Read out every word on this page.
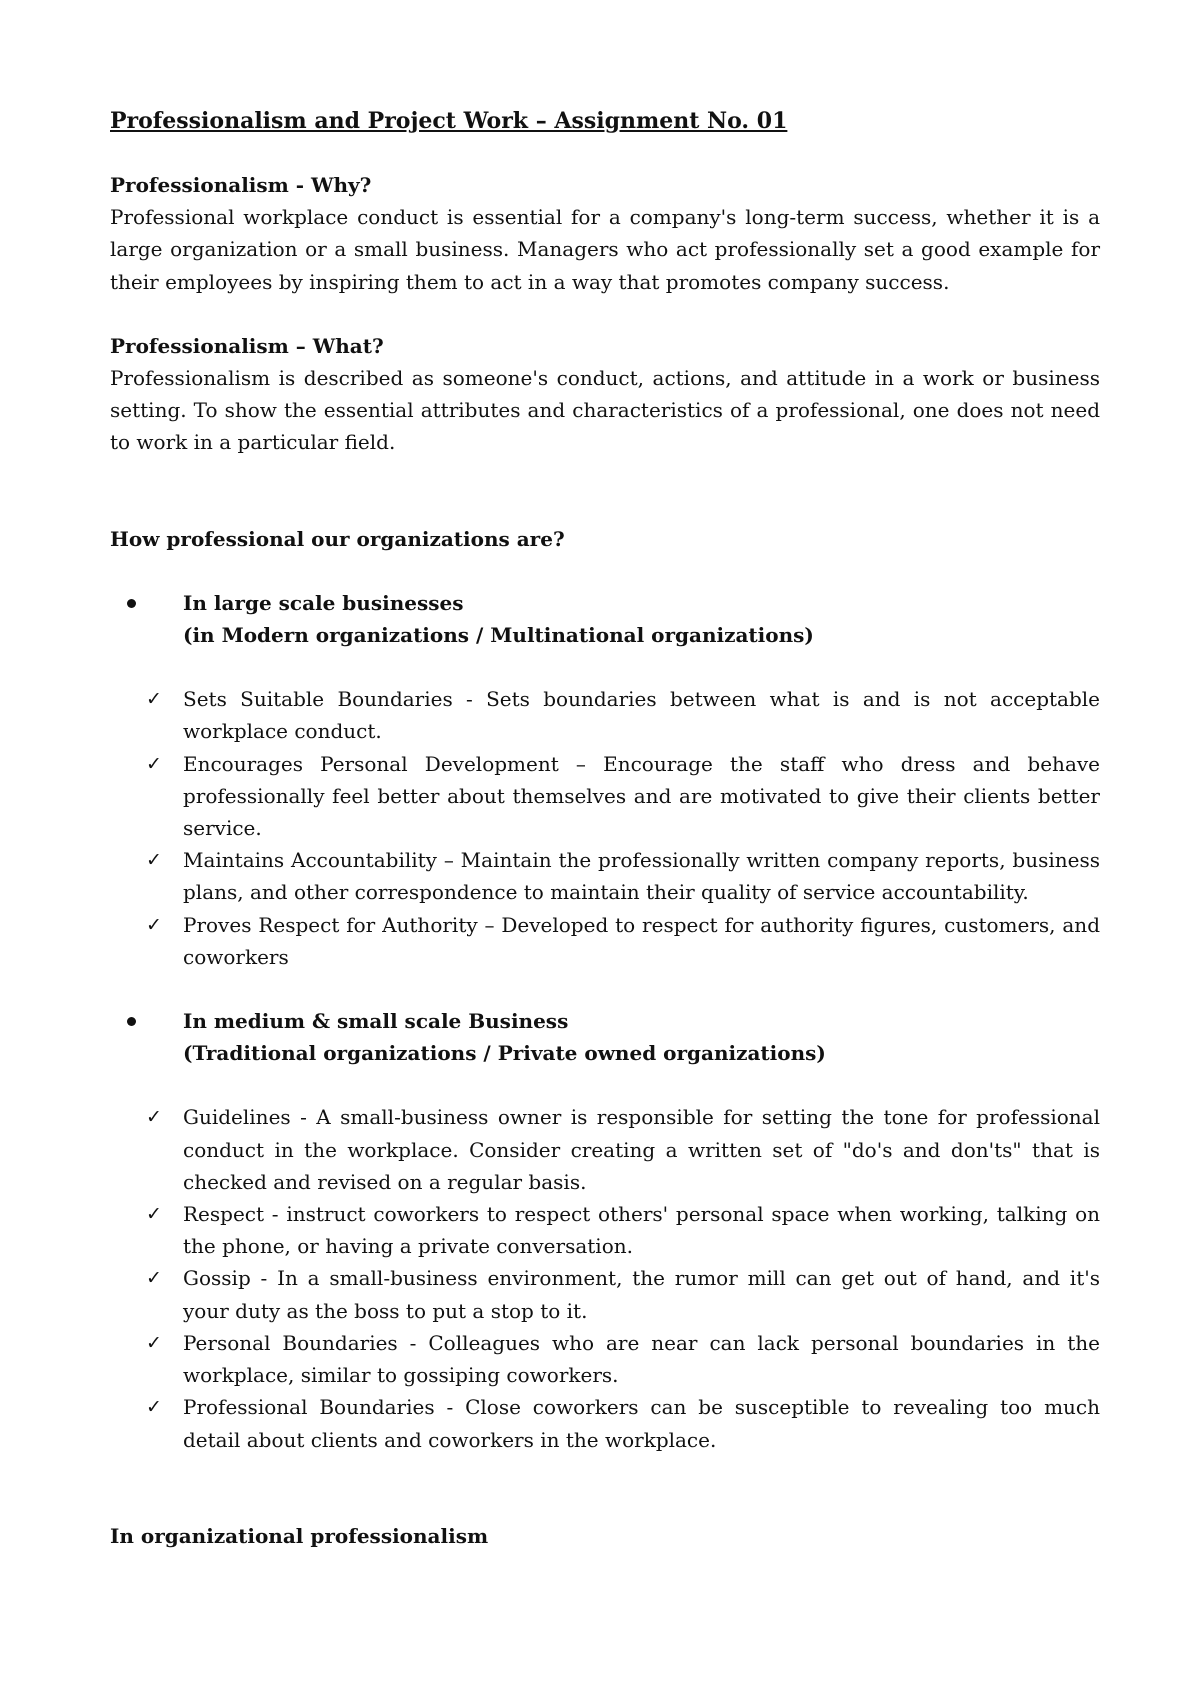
Professionalism and Project Work – Assignment No. 01

Professionalism - Why?

Professional workplace conduct is essential for a company's long-term success, whether it is a large organization or a small business. Managers who act professionally set a good example for their employees by inspiring them to act in a way that promotes company success.

Professionalism – What?

Professionalism is described as someone's conduct, actions, and attitude in a work or business setting. To show the essential attributes and characteristics of a professional, one does not need to work in a particular field.

How professional our organizations are?

In large scale businesses
(in Modern organizations / Multinational organizations)
✓ Sets Suitable Boundaries - Sets boundaries between what is and is not acceptable workplace conduct.
✓ Encourages Personal Development – Encourage the staff who dress and behave professionally feel better about themselves and are motivated to give their clients better service.
✓ Maintains Accountability – Maintain the professionally written company reports, business plans, and other correspondence to maintain their quality of service accountability.
✓ Proves Respect for Authority – Developed to respect for authority figures, customers, and coworkers
In medium & small scale Business
(Traditional organizations / Private owned organizations)
✓ Guidelines - A small-business owner is responsible for setting the tone for professional conduct in the workplace. Consider creating a written set of "do's and don'ts" that is checked and revised on a regular basis.
✓ Respect - instruct coworkers to respect others' personal space when working, talking on the phone, or having a private conversation.
✓ Gossip - In a small-business environment, the rumor mill can get out of hand, and it's your duty as the boss to put a stop to it.
✓ Personal Boundaries - Colleagues who are near can lack personal boundaries in the workplace, similar to gossiping coworkers.
✓ Professional Boundaries - Close coworkers can be susceptible to revealing too much detail about clients and coworkers in the workplace.

In organizational professionalism
